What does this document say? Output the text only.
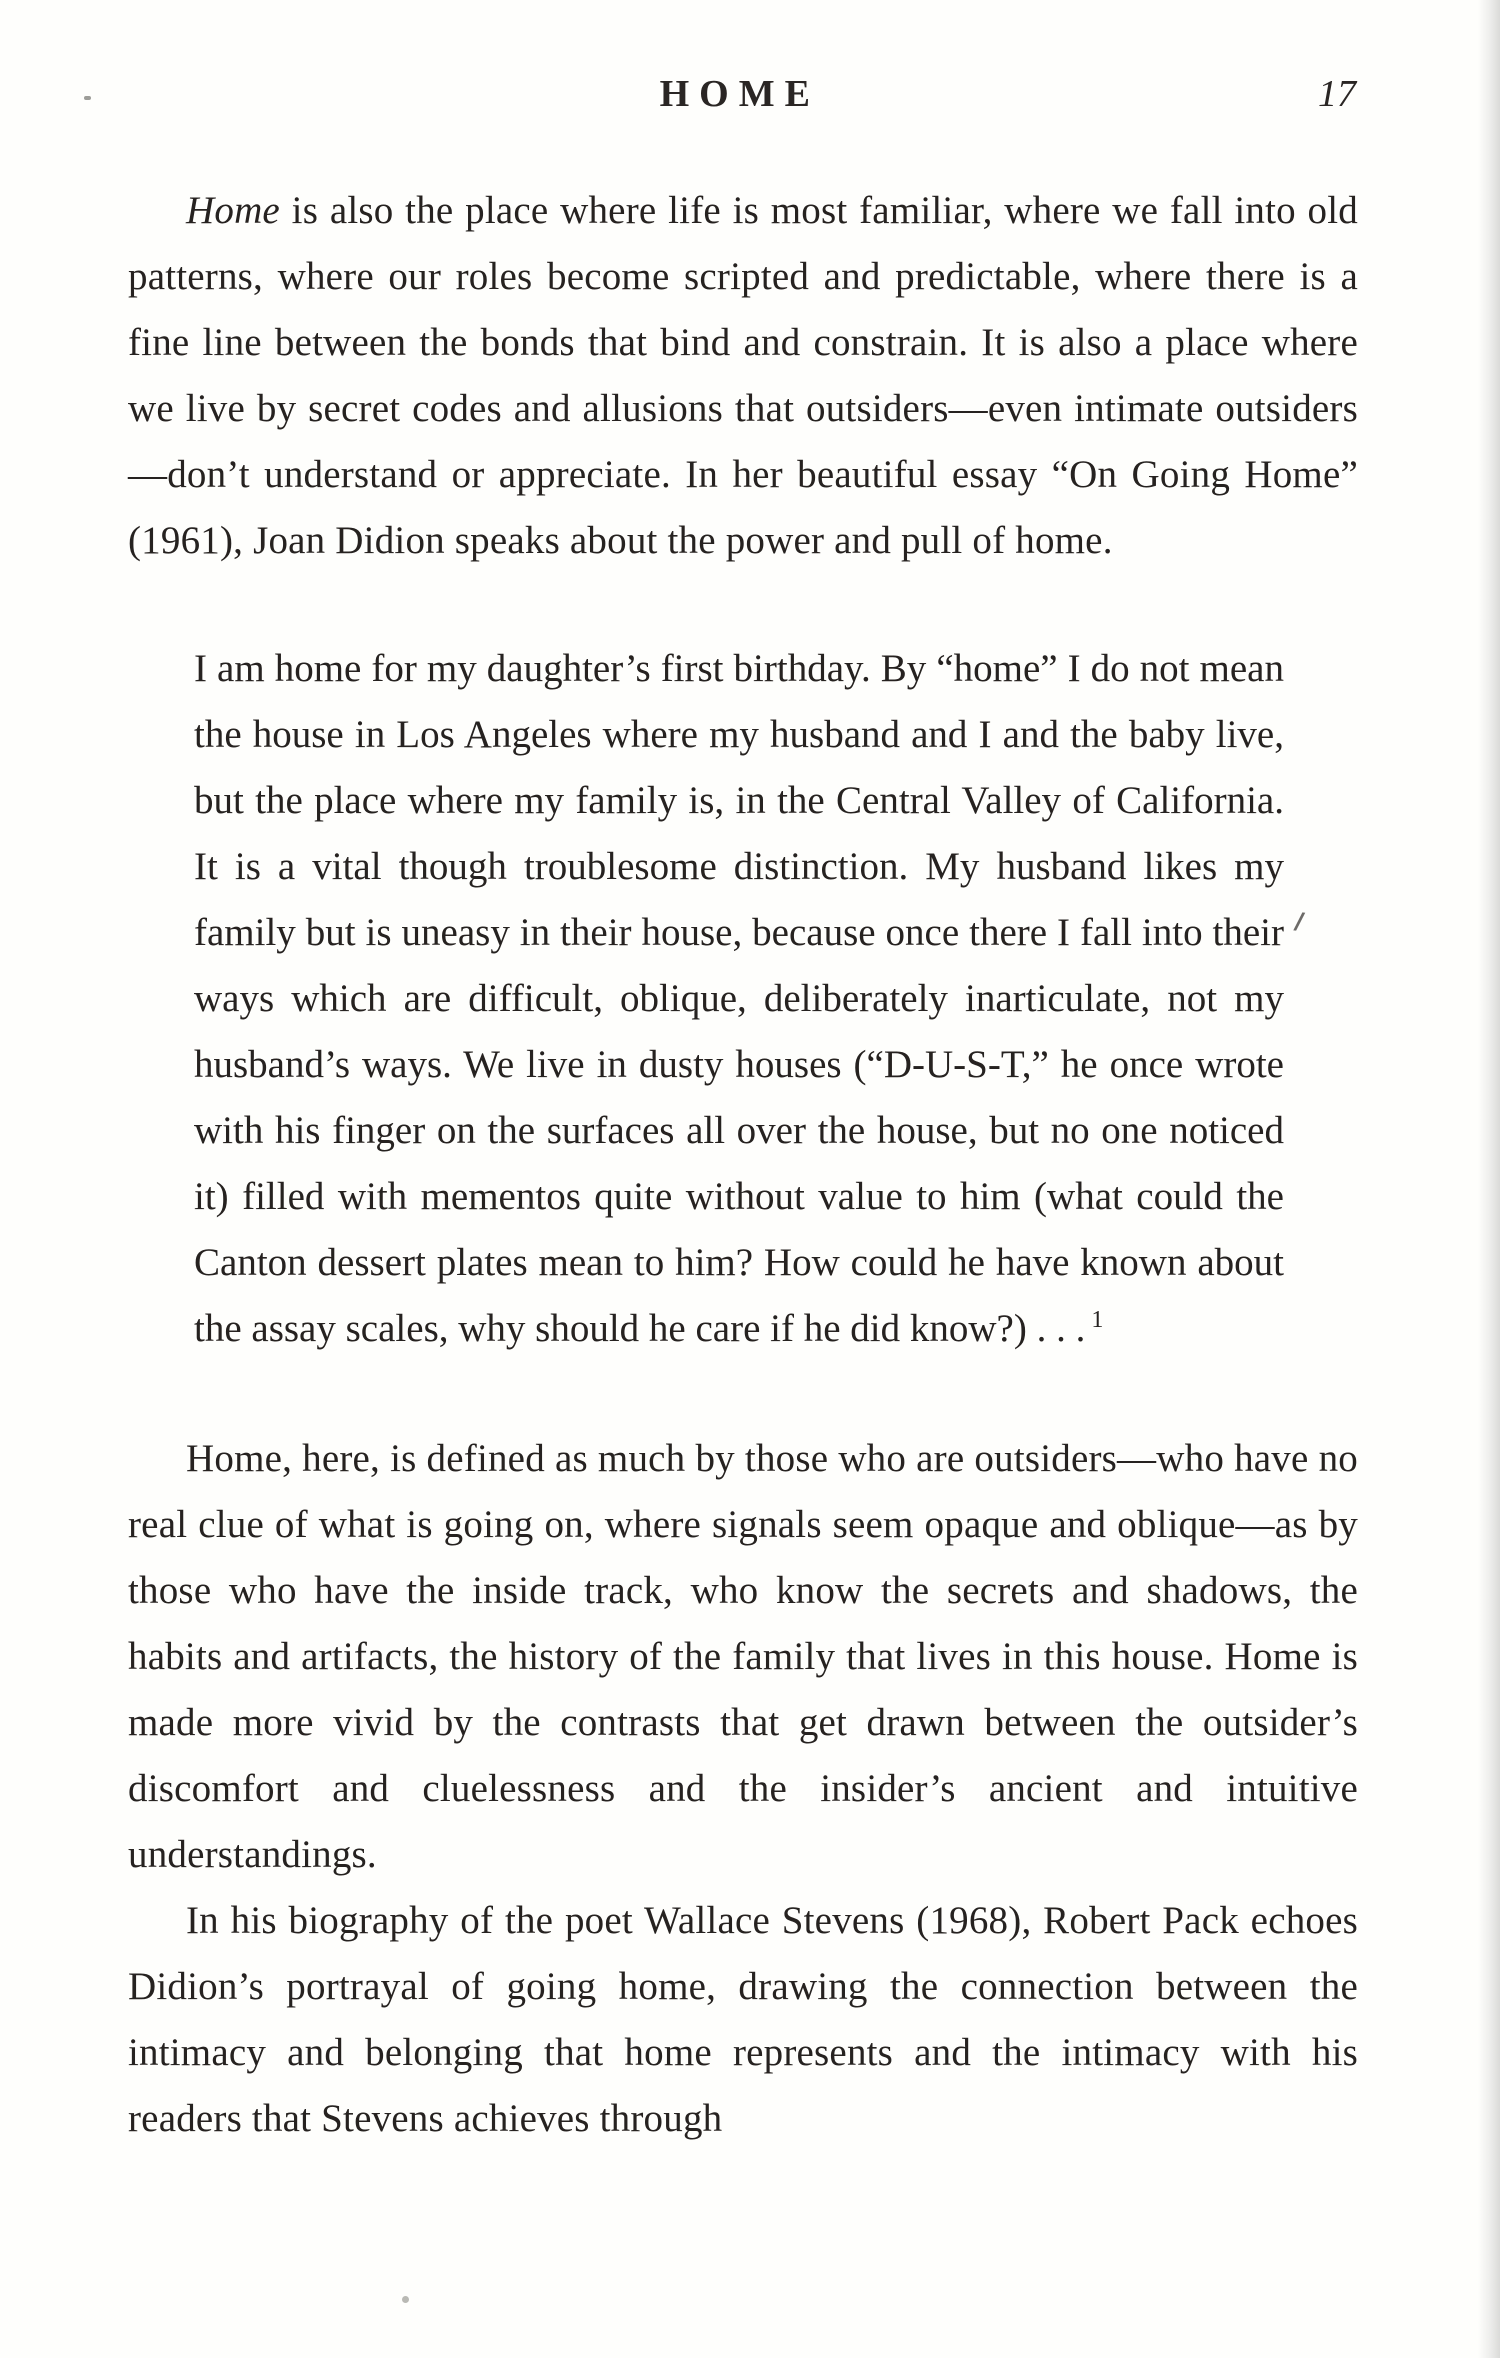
HOME	17

Home is also the place where life is most familiar, where we fall into old patterns, where our roles become scripted and predictable, where there is a fine line between the bonds that bind and constrain. It is also a place where we live by secret codes and allusions that outsiders—even intimate outsiders—don’t understand or appreciate. In her beautiful essay “On Going Home” (1961), Joan Didion speaks about the power and pull of home.

I am home for my daughter’s first birthday. By “home” I do not mean the house in Los Angeles where my husband and I and the baby live, but the place where my family is, in the Central Valley of California. It is a vital though troublesome distinction. My husband likes my family but is uneasy in their house, because once there I fall into their ways which are difficult, oblique, deliberately inarticulate, not my husband’s ways. We live in dusty houses (“D-U-S-T,” he once wrote with his finger on the surfaces all over the house, but no one noticed it) filled with mementos quite without value to him (what could the Canton dessert plates mean to him? How could he have known about the assay scales, why should he care if he did know?) . . . $^1$

Home, here, is defined as much by those who are outsiders—who have no real clue of what is going on, where signals seem opaque and oblique—as by those who have the inside track, who know the secrets and shadows, the habits and artifacts, the history of the family that lives in this house. Home is made more vivid by the contrasts that get drawn between the outsider’s discomfort and cluelessness and the insider’s ancient and intuitive understandings.

In his biography of the poet Wallace Stevens (1968), Robert Pack echoes Didion’s portrayal of going home, drawing the connection between the intimacy and belonging that home represents and the intimacy with his readers that Stevens achieves through
